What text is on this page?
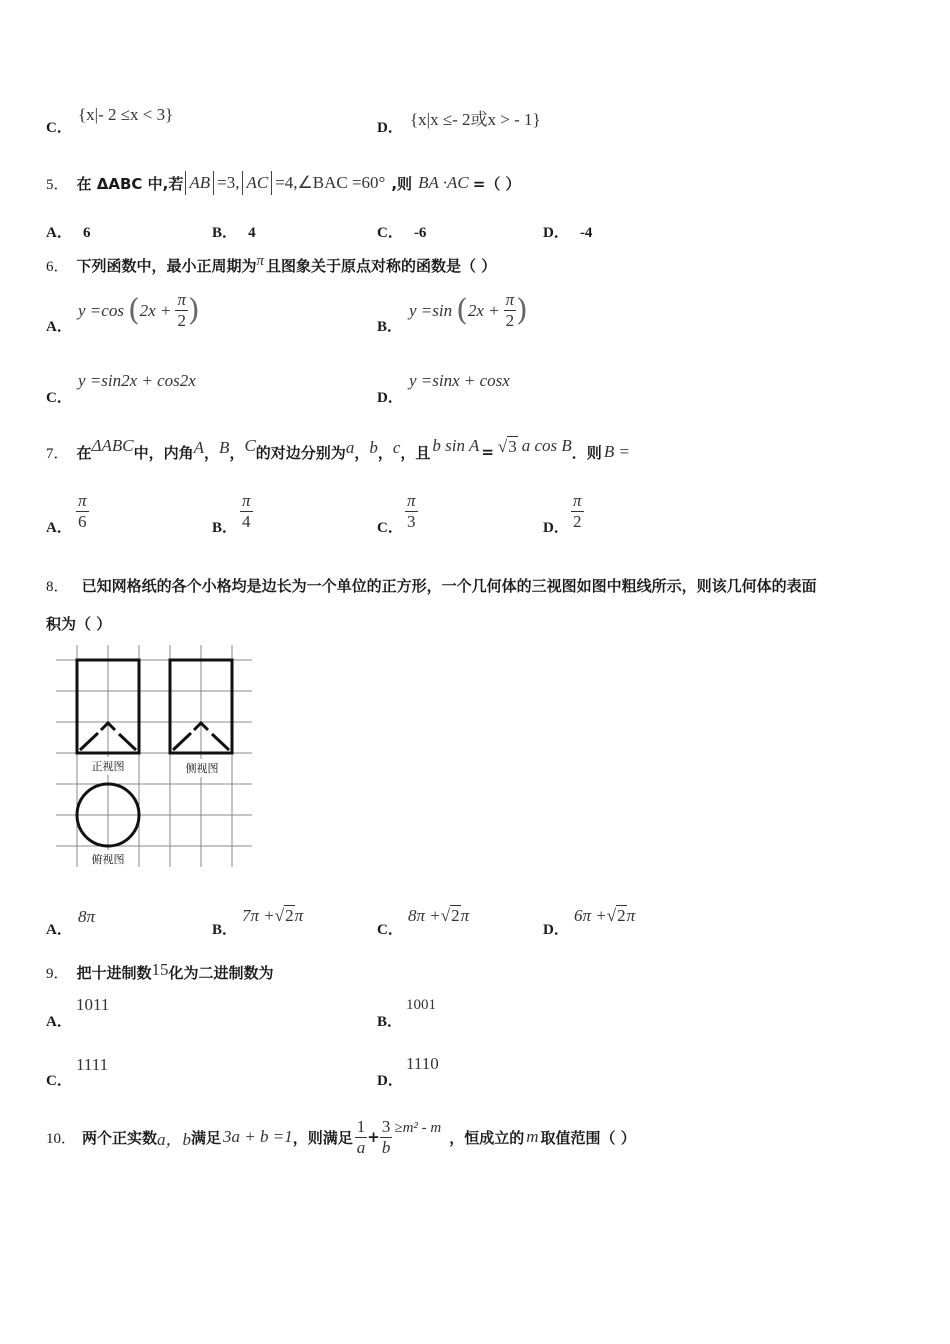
C．
{x|- 2 ≤x < 3}
D． {x|x ≤- 2或x > - 1}
5． 在 ΔABC 中,若 AB =3, AC =4,∠BAC =60° ,则 BA ·AC =（ ）
A． 6	B． 4	C． -6	D． -4
6． 下列函数中，最小正周期为 π 且图象关于原点对称的函数是（ ）
A．
y =cos ( $2x + \frac{\pi}{2}$ )	B．
y =sin ( $2x + \frac{\pi}{2}$ )
C．
y =sin2x + cos2x
D．
y =sinx + cosx
7． 在 ΔABC 中，内角 A ， B ， C 的对边分别为 a ， b ， c ，且 b sin A = √3 a cos B ．则 B =
A． $\frac{\pi}{6}$	B． $\frac{\pi}{4}$	C． $\frac{\pi}{3}$	D． $\frac{\pi}{2}$
8． 已知网格纸的各个小格均是边长为一个单位的正方形，一个几何体的三视图如图中粗线所示，则该几何体的表面
积为（ ）
正视图	侧视图
俯视图
A．
8π
B．
7π +√2π
C．
8π +√2π
D．
6π +√2π
9． 把十进制数 15 化为二进制数为
A．
1011
B．
1001
C．
1111
D．
1110
10． 两个正实数 a，b 满足 3a + b =1 ，则满足 $\frac{1}{a} + \frac{3}{b} \ge m^2 - m$
，恒成立的 m 取值范围（ ）
